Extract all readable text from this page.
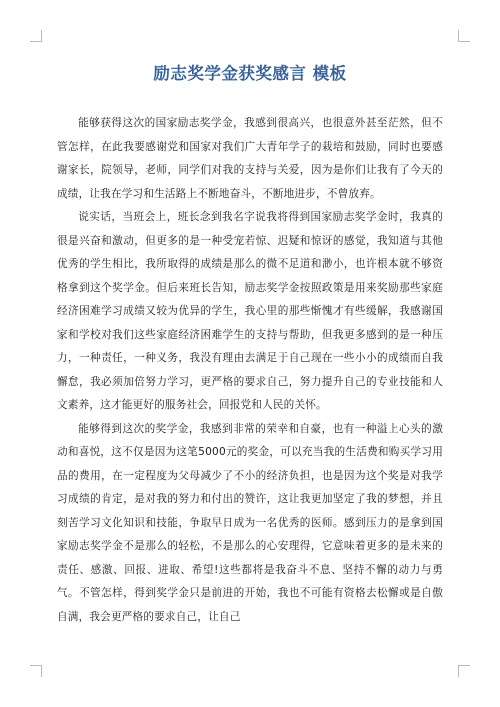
励志奖学金获奖感言 模板

能够获得这次的国家励志奖学金，我感到很高兴，也很意外甚至茫然，但不管怎样，在此我要感谢党和国家对我们广大青年学子的栽培和鼓励，同时也要感谢家长，院领导，老师，同学们对我的支持与关爱，因为是你们让我有了今天的成绩，让我在学习和生活路上不断地奋斗，不断地进步，不曾放弃。

说实话，当班会上，班长念到我名字说我将得到国家励志奖学金时，我真的很是兴奋和激动，但更多的是一种受宠若惊、迟疑和惊讶的感觉，我知道与其他优秀的学生相比，我所取得的成绩是那么的微不足道和渺小，也许根本就不够资格拿到这个奖学金。但后来班长告知，励志奖学金按照政策是用来奖励那些家庭经济困难学习成绩又较为优异的学生，我心里的那些惭愧才有些缓解，我感谢国家和学校对我们这些家庭经济困难学生的支持与帮助，但我更多感到的是一种压力，一种责任，一种义务，我没有理由去满足于自己现在一些小小的成绩而自我懈怠，我必须加倍努力学习，更严格的要求自己，努力提升自己的专业技能和人文素养，这才能更好的服务社会，回报党和人民的关怀。

能够得到这次的奖学金，我感到非常的荣幸和自豪，也有一种溢上心头的激动和喜悦，这不仅是因为这笔5000元的奖金，可以充当我的生活费和购买学习用品的费用，在一定程度为父母减少了不小的经济负担，也是因为这个奖是对我学习成绩的肯定，是对我的努力和付出的赞许，这让我更加坚定了我的梦想，并且刻苦学习文化知识和技能，争取早日成为一名优秀的医师。感到压力的是拿到国家励志奖学金不是那么的轻松，不是那么的心安理得，它意味着更多的是未来的责任、感激、回报、进取、希望!这些都将是我奋斗不息、坚持不懈的动力与勇气。不管怎样，得到奖学金只是前进的开始，我也不可能有资格去松懈或是自傲自满，我会更严格的要求自己，让自己
